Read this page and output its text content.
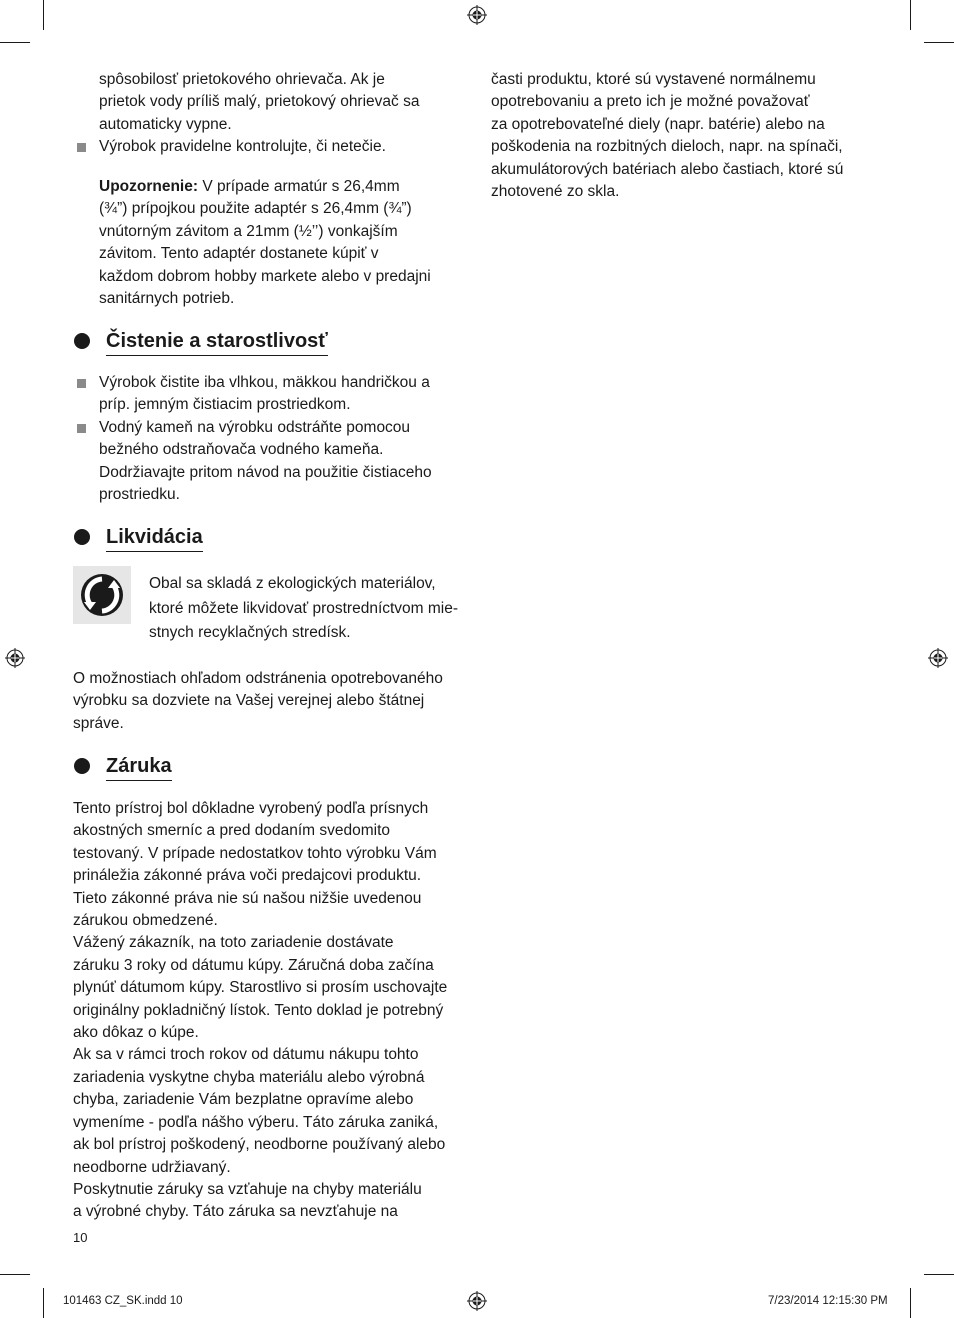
spôsobilosť prietokového ohrievača. Ak je
prietok vody príliš malý, prietokový ohrievač sa
automaticky vypne.
Výrobok pravidelne kontrolujte, či netečie.
Upozornenie: V prípade armatúr s 26,4mm
(¾”) prípojkou použite adaptér s 26,4mm (¾”)
vnútorným závitom a 21mm (½’’) vonkajším
závitom. Tento adaptér dostanete kúpiť v
každom dobrom hobby markete alebo v predajni
sanitárnych potrieb.
Čistenie a starostlivosť
Výrobok čistite iba vlhkou, mäkkou handričkou a
príp. jemným čistiacim prostriedkom.
Vodný kameň na výrobku odstráňte pomocou
bežného odstraňovača vodného kameňa.
Dodržiavajte pritom návod na použitie čistiaceho
prostriedku.
Likvidácia
Obal sa skladá z ekologických materiálov,
ktoré môžete likvidovať prostredníctvom mie-
stnych recyklačných stredísk.
O možnostiach ohľadom odstránenia opotrebovaného
výrobku sa dozviete na Vašej verejnej alebo štátnej
správe.
Záruka
Tento prístroj bol dôkladne vyrobený podľa prísnych
akostných smerníc a pred dodaním svedomito
testovaný. V prípade nedostatkov tohto výrobku Vám
prináležia zákonné práva voči predajcovi produktu.
Tieto zákonné práva nie sú našou nižšie uvedenou
zárukou obmedzené.
Vážený zákazník, na toto zariadenie dostávate
záruku 3 roky od dátumu kúpy. Záručná doba začína
plynúť dátumom kúpy. Starostlivo si prosím uschovajte
originálny pokladničný lístok. Tento doklad je potrebný
ako dôkaz o kúpe.
Ak sa v rámci troch rokov od dátumu nákupu tohto
zariadenia vyskytne chyba materiálu alebo výrobná
chyba, zariadenie Vám bezplatne opravíme alebo
vymeníme - podľa nášho výberu. Táto záruka zaniká,
ak bol prístroj poškodený, neodborne používaný alebo
neodborne udržiavaný.
Poskytnutie záruky sa vzťahuje na chyby materiálu
a výrobné chyby. Táto záruka sa nevzťahuje na
časti produktu, ktoré sú vystavené normálnemu
opotrebovaniu a preto ich je možné považovať
za opotrebovateľné diely (napr. batérie) alebo na
poškodenia na rozbitných dieloch, napr. na spínači,
akumulátorových batériach alebo častiach, ktoré sú
zhotovené zo skla.
10
101463 CZ_SK.indd 10	7/23/2014 12:15:30 PM
